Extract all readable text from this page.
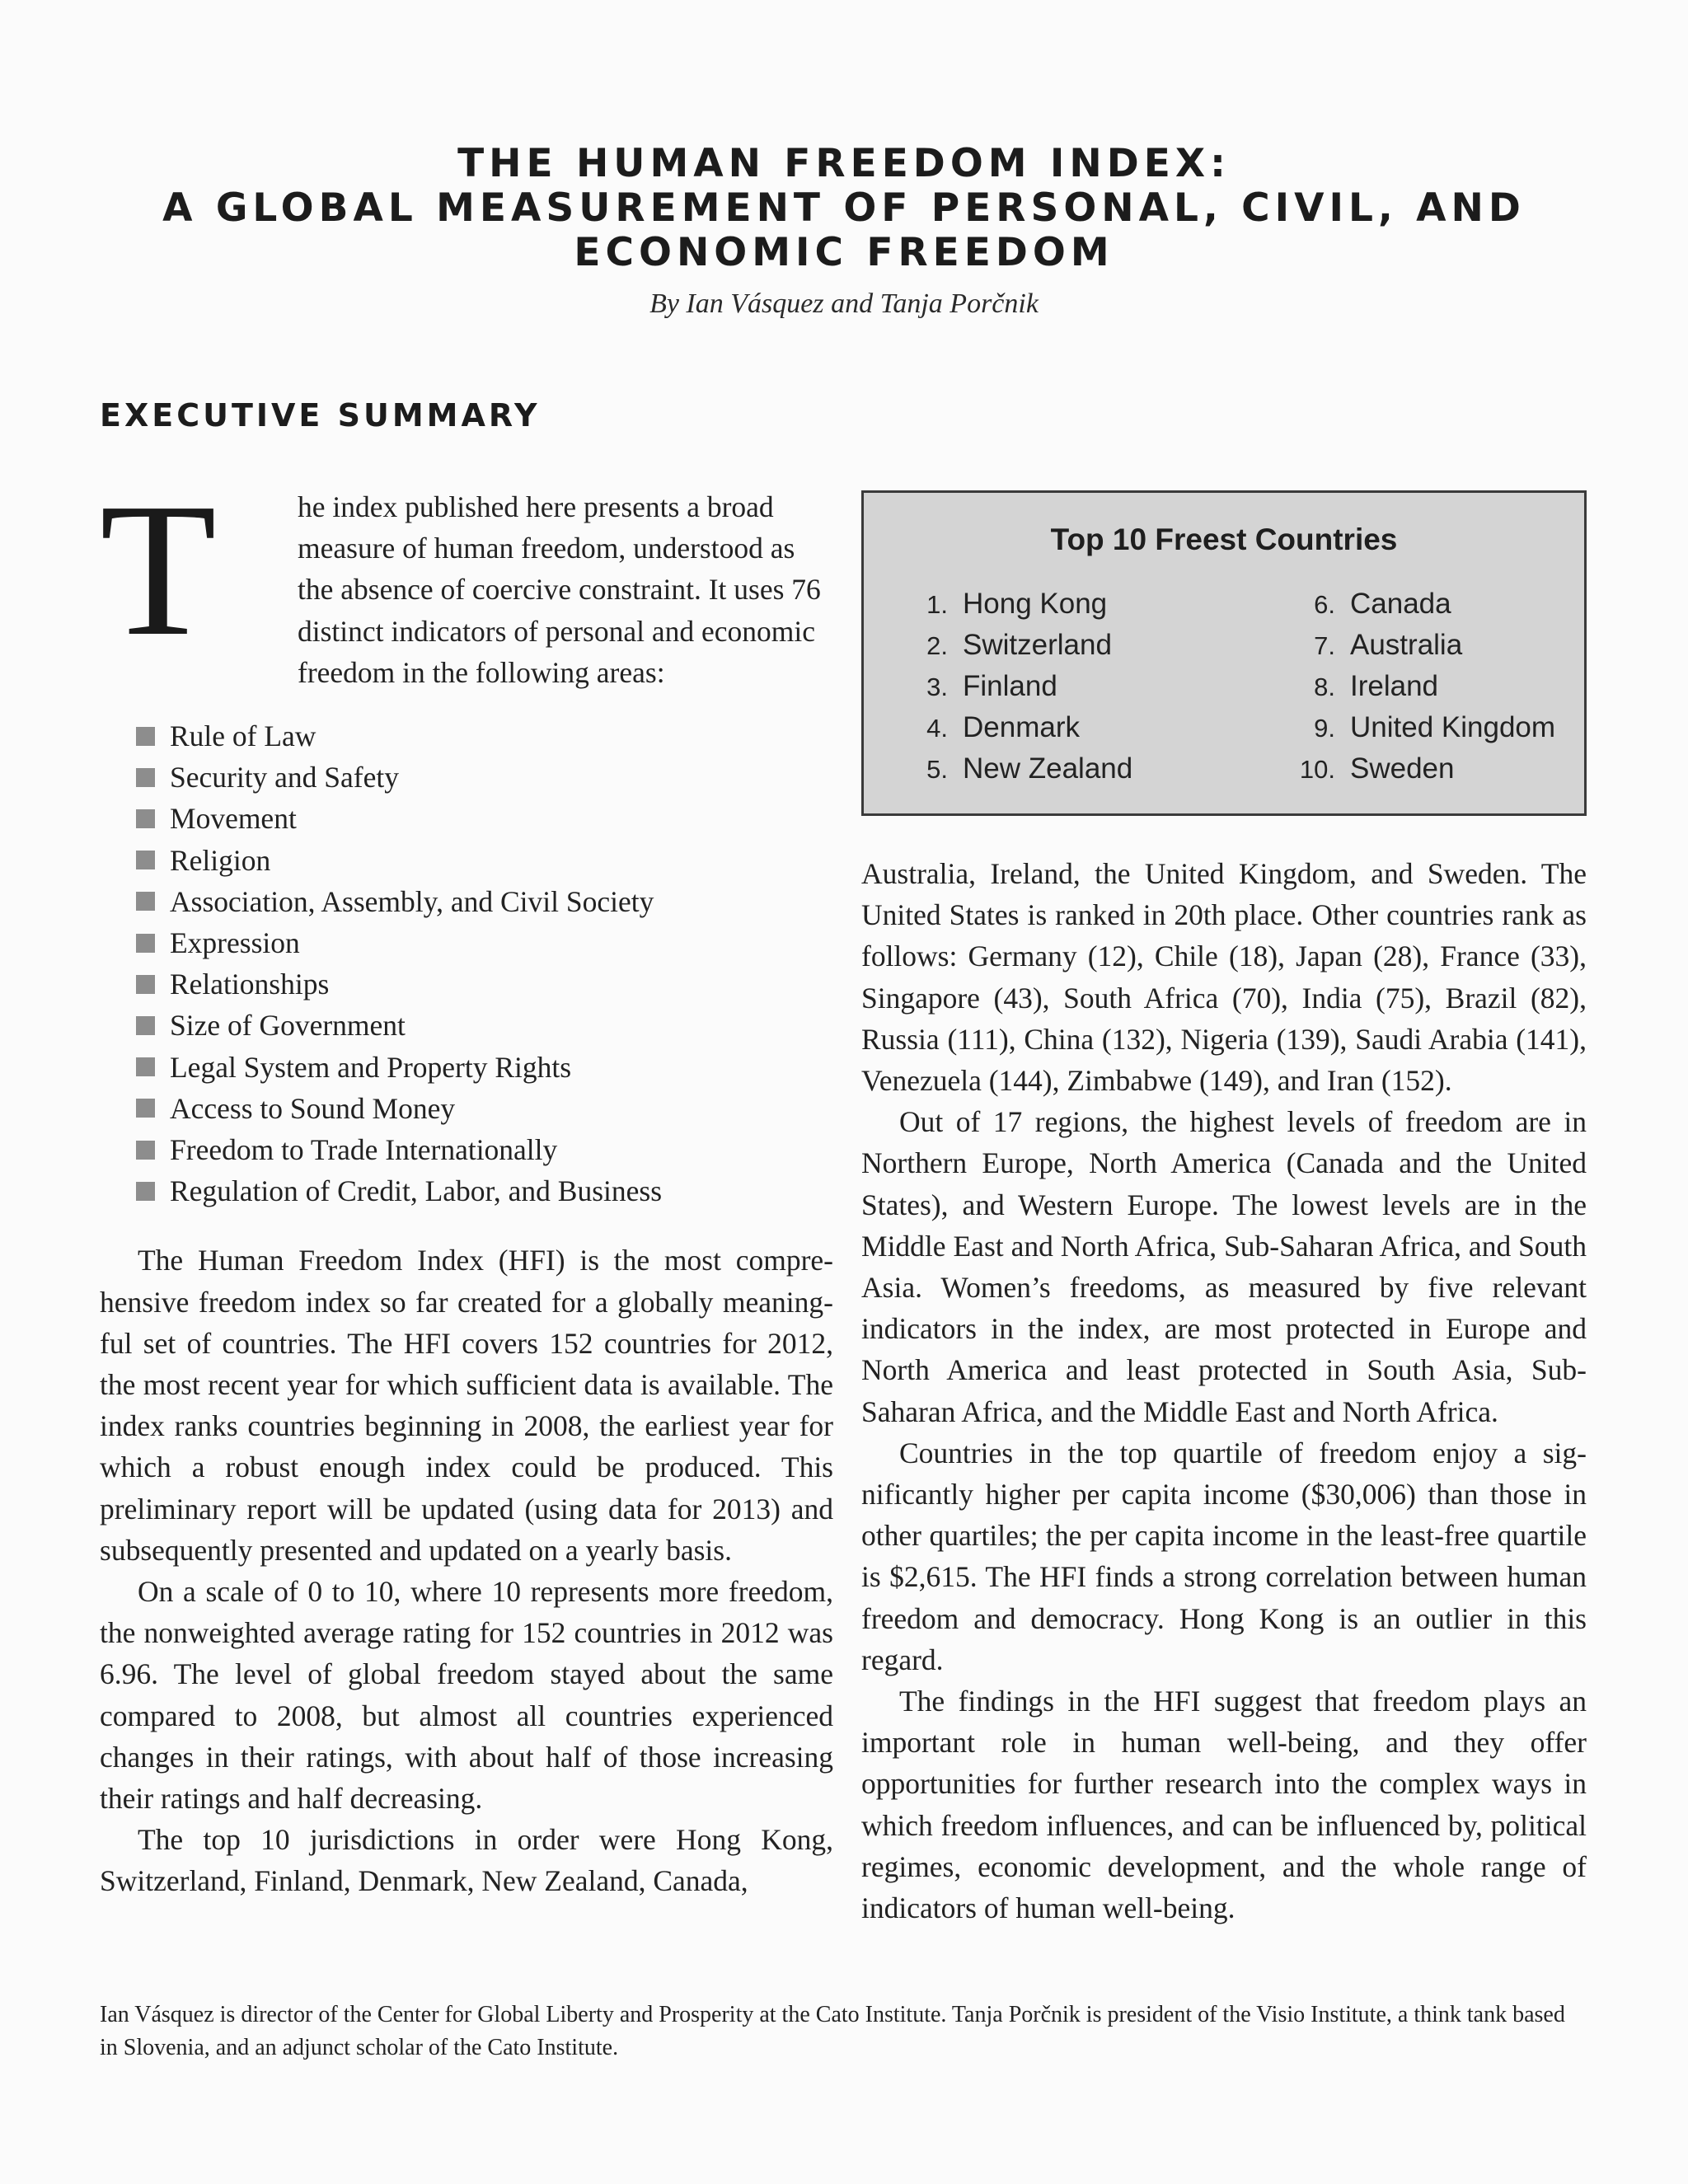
THE HUMAN FREEDOM INDEX:
A GLOBAL MEASUREMENT OF PERSONAL, CIVIL, AND
ECONOMIC FREEDOM
By Ian Vásquez and Tanja Porčnik
EXECUTIVE SUMMARY
T	he index published here presents a broad measure of human freedom, understood as the absence of coercive constraint. It uses 76 distinct indicators of personal and economic freedom in the following areas:

Rule of Law
Security and Safety
Movement
Religion
Association, Assembly, and Civil Society
Expression
Relationships
Size of Government
Legal System and Property Rights
Access to Sound Money
Freedom to Trade Internationally
Regulation of Credit, Labor, and Business

The Human Freedom Index (HFI) is the most comprehensive freedom index so far created for a globally meaningful set of countries. The HFI covers 152 countries for 2012, the most recent year for which sufficient data is available. The index ranks countries beginning in 2008, the earliest year for which a robust enough index could be produced. This preliminary report will be updated (using data for 2013) and subsequently presented and updated on a yearly basis.

On a scale of 0 to 10, where 10 represents more freedom, the nonweighted average rating for 152 countries in 2012 was 6.96. The level of global freedom stayed about the same compared to 2008, but almost all countries experienced changes in their ratings, with about half of those increasing their ratings and half decreasing.

The top 10 jurisdictions in order were Hong Kong, Switzerland, Finland, Denmark, New Zealand, Canada,

Top 10 Freest Countries
1. Hong Kong
2. Switzerland
3. Finland
4. Denmark
5. New Zealand
6. Canada
7. Australia
8. Ireland
9. United Kingdom
10. Sweden

Australia, Ireland, the United Kingdom, and Sweden. The United States is ranked in 20th place. Other countries rank as follows: Germany (12), Chile (18), Japan (28), France (33), Singapore (43), South Africa (70), India (75), Brazil (82), Russia (111), China (132), Nigeria (139), Saudi Arabia (141), Venezuela (144), Zimbabwe (149), and Iran (152).

Out of 17 regions, the highest levels of freedom are in Northern Europe, North America (Canada and the United States), and Western Europe. The lowest levels are in the Middle East and North Africa, Sub-Saharan Africa, and South Asia. Women’s freedoms, as measured by five relevant indicators in the index, are most protected in Europe and North America and least protected in South Asia, Sub-Saharan Africa, and the Middle East and North Africa.

Countries in the top quartile of freedom enjoy a significantly higher per capita income ($30,006) than those in other quartiles; the per capita income in the least-free quartile is $2,615. The HFI finds a strong correlation between human freedom and democracy. Hong Kong is an outlier in this regard.

The findings in the HFI suggest that freedom plays an important role in human well-being, and they offer opportunities for further research into the complex ways in which freedom influences, and can be influenced by, political regimes, economic development, and the whole range of indicators of human well-being.

Ian Vásquez is director of the Center for Global Liberty and Prosperity at the Cato Institute. Tanja Porčnik is president of the Visio Institute, a think tank based in Slovenia, and an adjunct scholar of the Cato Institute.
